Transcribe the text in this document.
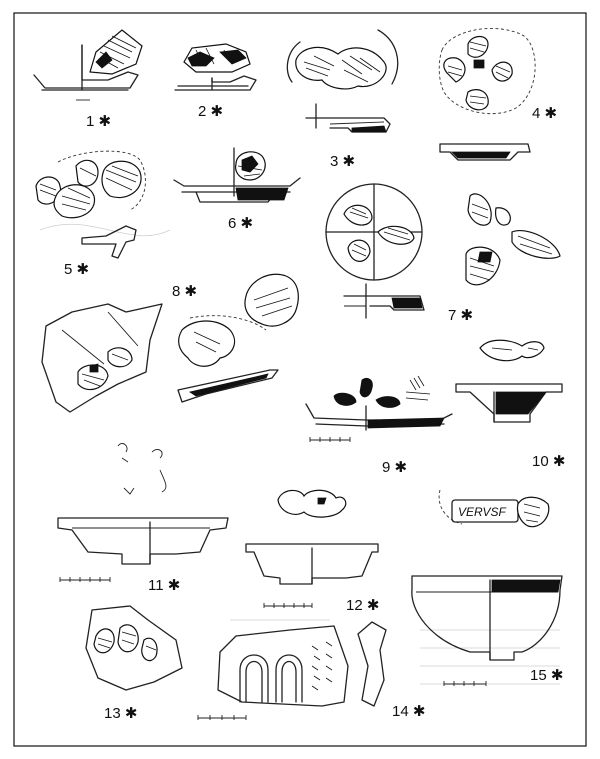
VERVSF
1 ✱
2 ✱
3 ✱
4 ✱
5 ✱
6 ✱
7 ✱
8 ✱
9 ✱	10 ✱
11 ✱
12 ✱
13 ✱	14 ✱
15 ✱
